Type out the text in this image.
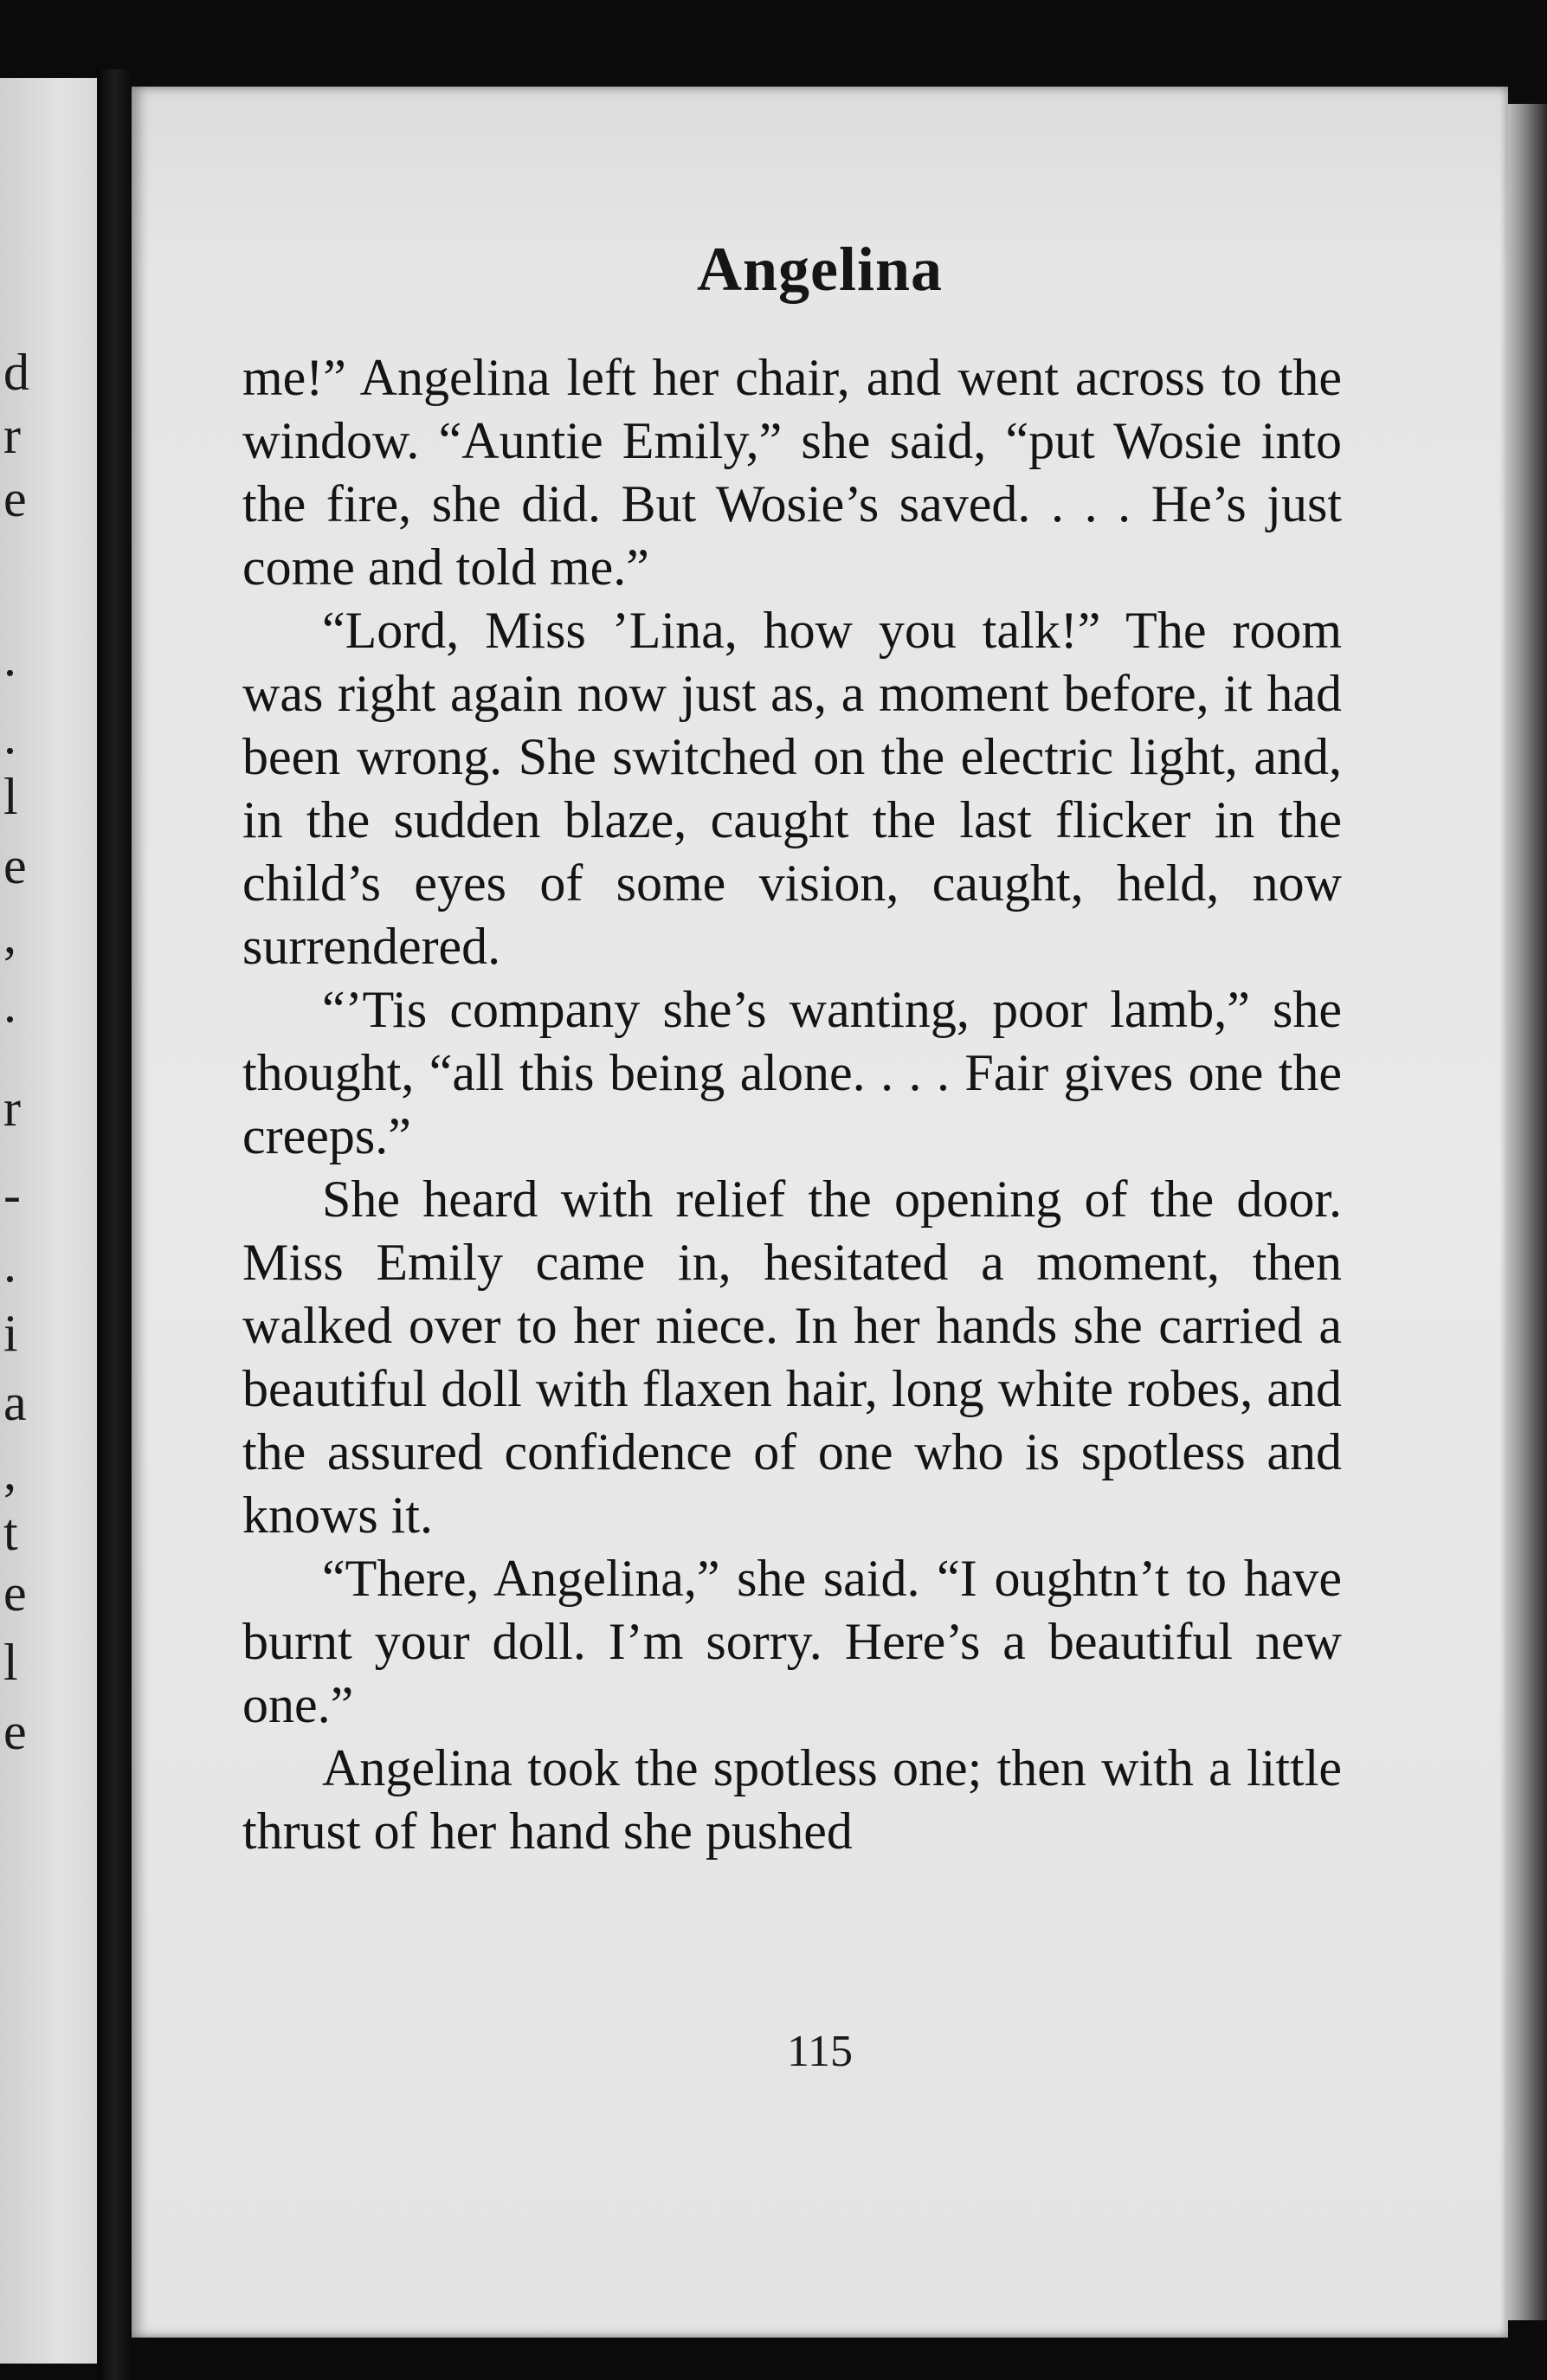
d
r
e
.
.
l
e
,
.
r
-
.
i
a
,
t
e
l
e
Angelina

me!” Angelina left her chair, and went across to the window. “Auntie Emily,” she said, “put Wosie into the fire, she did. But Wosie’s saved. . . . He’s just come and told me.”

“Lord, Miss ’Lina, how you talk!” The room was right again now just as, a moment before, it had been wrong. She switched on the electric light, and, in the sudden blaze, caught the last flicker in the child’s eyes of some vision, caught, held, now surrendered.

“’Tis company she’s wanting, poor lamb,” she thought, “all this being alone. . . . Fair gives one the creeps.”

She heard with relief the opening of the door. Miss Emily came in, hesitated a moment, then walked over to her niece. In her hands she carried a beautiful doll with flaxen hair, long white robes, and the assured confidence of one who is spotless and knows it.

“There, Angelina,” she said. “I oughtn’t to have burnt your doll. I’m sorry. Here’s a beautiful new one.”

Angelina took the spotless one; then with a little thrust of her hand she pushed

115
